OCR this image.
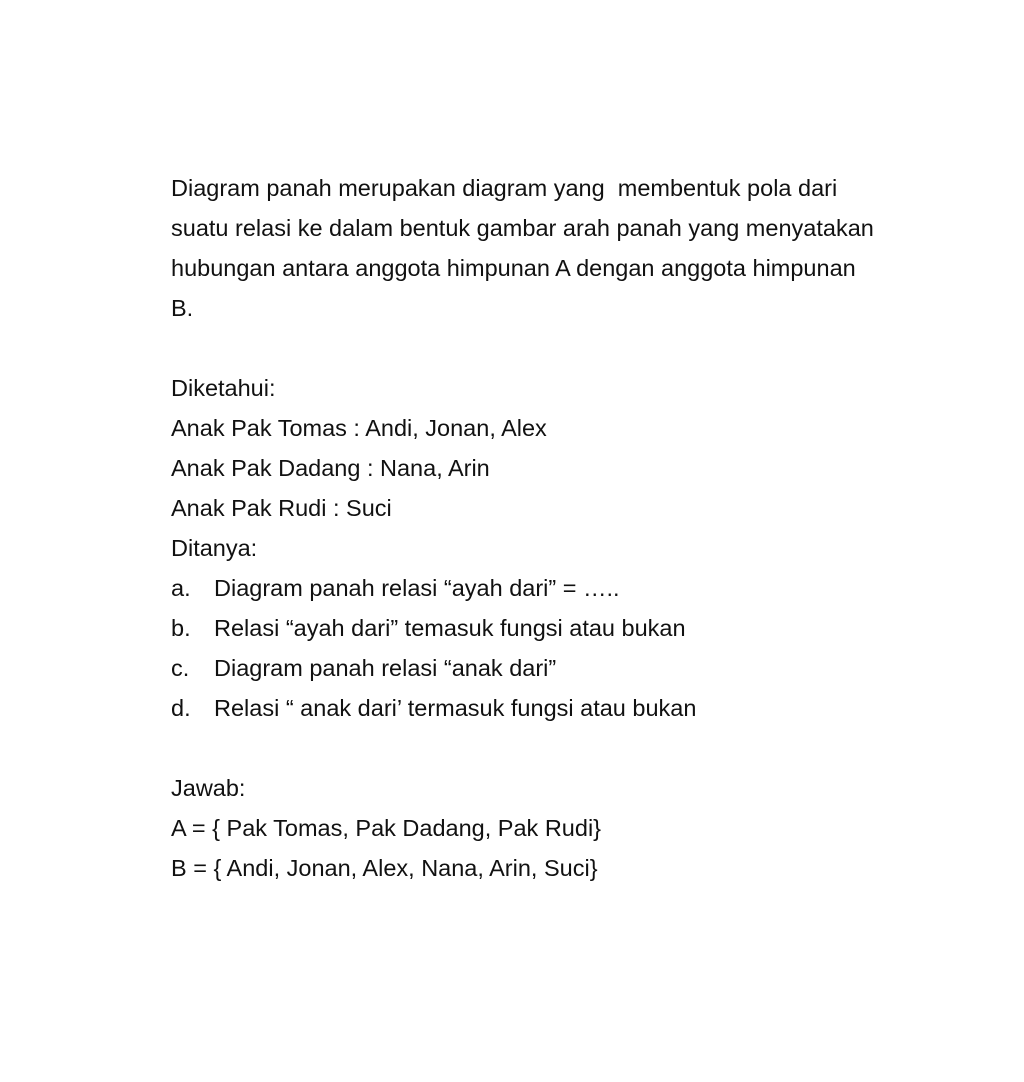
Diagram panah merupakan diagram yang  membentuk pola dari
suatu relasi ke dalam bentuk gambar arah panah yang menyatakan
hubungan antara anggota himpunan A dengan anggota himpunan
B.
Diketahui:
Anak Pak Tomas : Andi, Jonan, Alex
Anak Pak Dadang : Nana, Arin
Anak Pak Rudi : Suci
Ditanya:
a. Diagram panah relasi “ayah dari” = …..
b. Relasi “ayah dari” temasuk fungsi atau bukan
c.	Diagram panah relasi “anak dari”
d. Relasi “ anak dari’ termasuk fungsi atau bukan
Jawab:
A = { Pak Tomas, Pak Dadang, Pak Rudi}
B = { Andi, Jonan, Alex, Nana, Arin, Suci}
